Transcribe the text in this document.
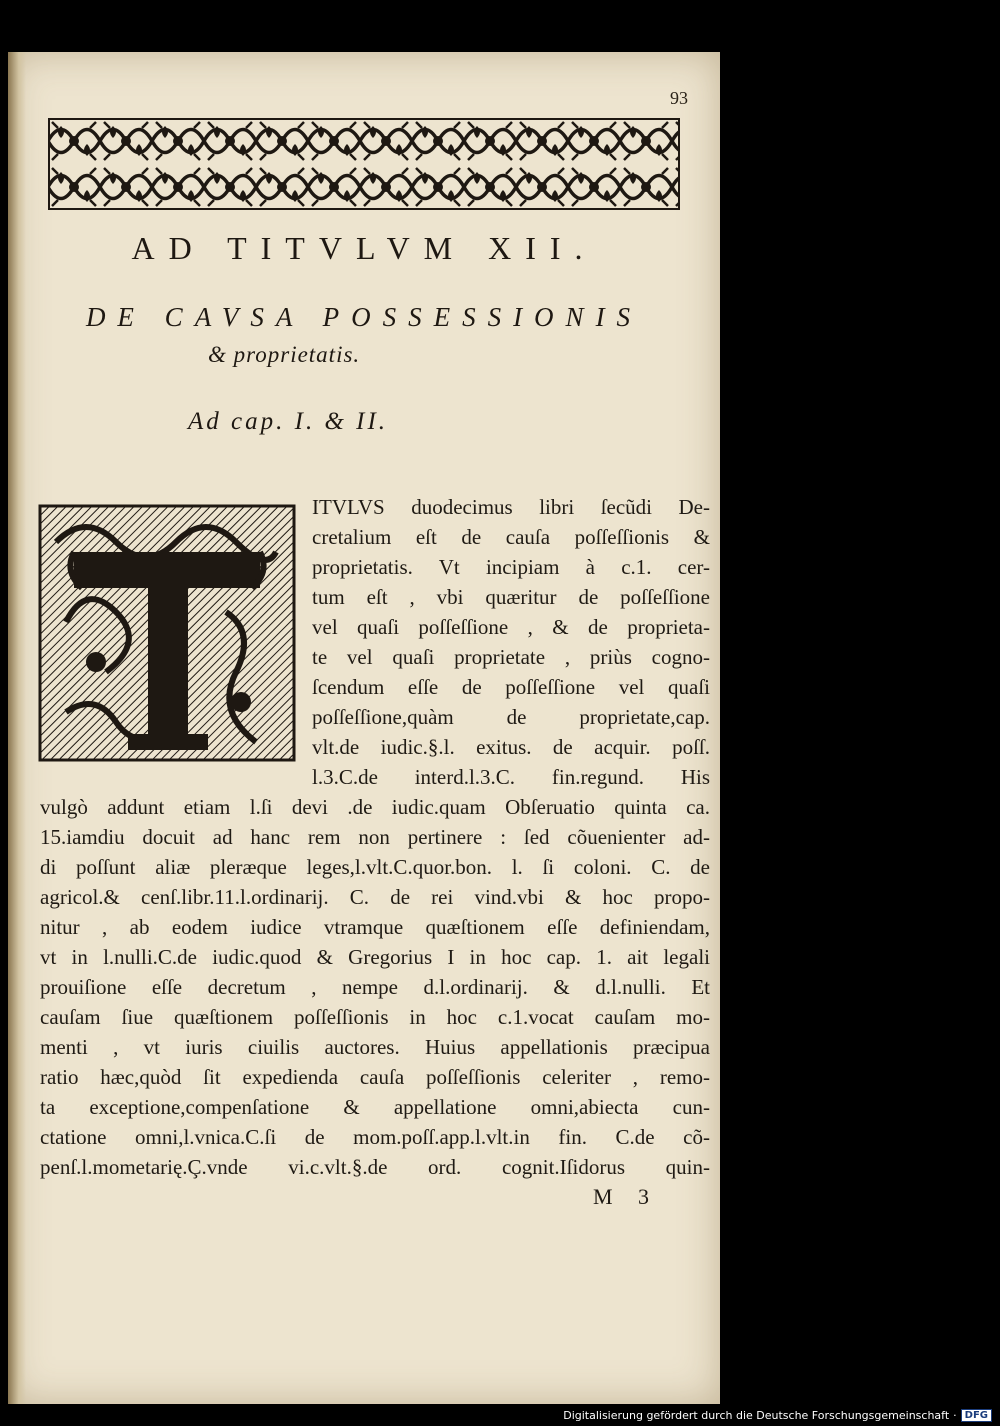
93
AD TITVLVM XII.
DE CAVSA POSSESSIONIS
& proprietatis.
Ad cap. I. & II.
ITVLVS duodecimus libri ſecũdi De-
cretalium eſt de cauſa poſſeſſionis &
proprietatis. Vt incipiam à c.1. cer-
tum eſt , vbi quæritur de poſſeſſione
vel quaſi poſſeſſione , & de proprieta-
te vel quaſi proprietate , priùs cogno-
ſcendum eſſe de poſſeſſione vel quaſi
poſſeſſione,quàm de proprietate,cap.
vlt.de iudic.§.l. exitus. de acquir. poſſ.
l.3.C.de interd.l.3.C. fin.regund. His
vulgò addunt etiam l.ſi devi .de iudic.quam Obſeruatio quinta ca.
15.iamdiu docuit ad hanc rem non pertinere : ſed cõuenienter ad-
di poſſunt aliæ pleræque leges,l.vlt.C.quor.bon. l. ſi coloni. C. de
agricol.& cenſ.libr.11.l.ordinarij. C. de rei vind.vbi & hoc propo-
nitur , ab eodem iudice vtramque quæſtionem eſſe definiendam,
vt in l.nulli.C.de iudic.quod & Gregorius I in hoc cap. 1. ait legali
prouiſione eſſe decretum , nempe d.l.ordinarij. & d.l.nulli. Et
cauſam ſiue quæſtionem poſſeſſionis in hoc c.1.vocat cauſam mo-
menti , vt iuris ciuilis auctores. Huius appellationis præcipua
ratio hæc,quòd ſit expedienda cauſa poſſeſſionis celeriter , remo-
ta exceptione,compenſatione & appellatione omni,abiecta cun-
ctatione omni,l.vnica.C.ſi de mom.poſſ.app.l.vlt.in fin. C.de cõ-
penſ.l.mometarię.Ç.vnde vi.c.vlt.§.de ord. cognit.Iſidorus quin-
M 3
Digitalisierung gefördert durch die Deutsche Forschungsgemeinschaft · DFG
